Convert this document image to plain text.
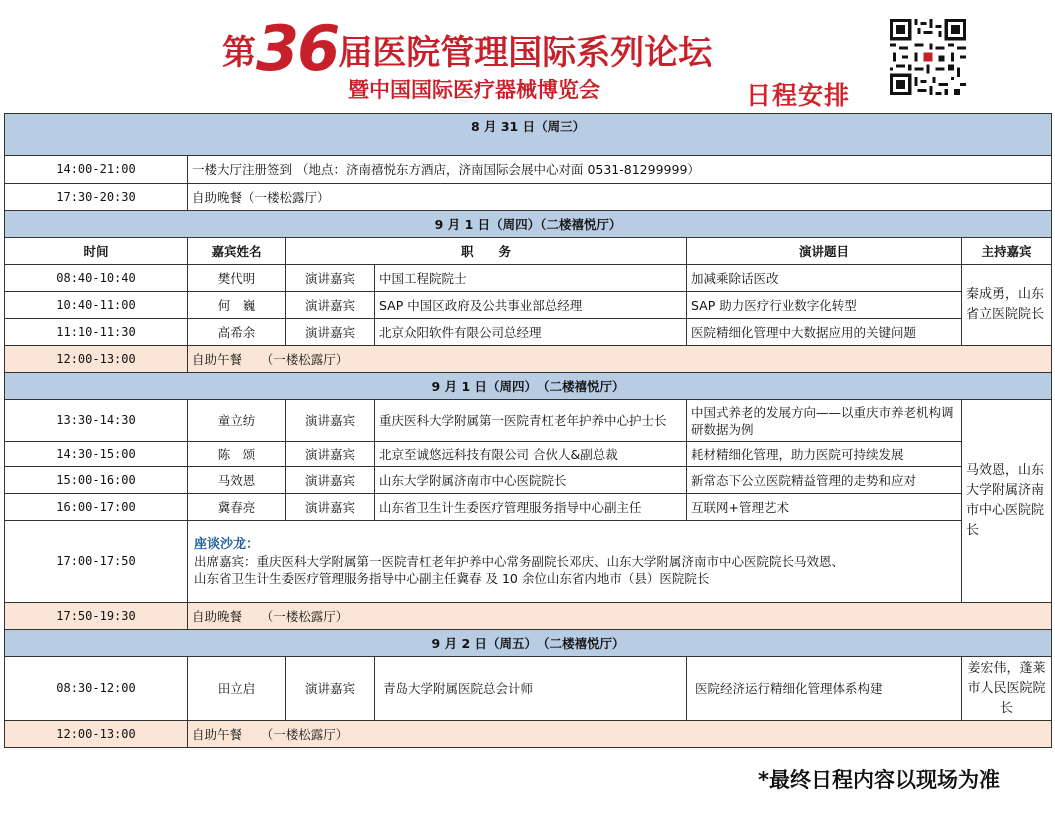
第36届医院管理国际系列论坛
暨中国国际医疗器械博览会	日程安排
8 月 31 日（周三）					
14:00-21:00	一楼大厅注册签到 （地点：济南禧悦东方酒店，济南国际会展中心对面 0531-81299999）				
17:30-20:30	自助晚餐（一楼松露厅）				
9 月 1 日（周四）（二楼禧悦厅）					
时间	嘉宾姓名	职　　务		演讲题目	主持嘉宾
08:40-10:40	樊代明	演讲嘉宾	中国工程院院士	加减乘除话医改	秦成勇，山东省立医院院长
10:40-11:00	何　巍	演讲嘉宾	SAP 中国区政府及公共事业部总经理	SAP 助力医疗行业数字化转型	
11:10-11:30	高希余	演讲嘉宾	北京众阳软件有限公司总经理	医院精细化管理中大数据应用的关键问题	
12:00-13:00	自助午餐　　（一楼松露厅）				
9 月 1 日（周四）　（二楼禧悦厅）					
13:30-14:30	童立纺	演讲嘉宾	重庆医科大学附属第一医院青杠老年护养中心护士长	中国式养老的发展方向——以重庆市养老机构调研数据为例	马效恩，山东大学附属济南市中心医院院长
14:30-15:00	陈　颂	演讲嘉宾	北京至诚悠远科技有限公司 合伙人&副总裁	耗材精细化管理，助力医院可持续发展	
15:00-16:00	马效恩	演讲嘉宾	山东大学附属济南市中心医院院长	新常态下公立医院精益管理的走势和应对	
16:00-17:00	冀春亮	演讲嘉宾	山东省卫生计生委医疗管理服务指导中心副主任	互联网+管理艺术	
17:00-17:50	座谈沙龙：
出席嘉宾：重庆医科大学附属第一医院青杠老年护养中心常务副院长邓庆、山东大学附属济南市中心医院院长马效恩、
山东省卫生计生委医疗管理服务指导中心副主任冀春 及 10 余位山东省内地市（县）医院院长				

17:50-19:30	自助晚餐　　（一楼松露厅）				
9 月 2 日（周五）　（二楼禧悦厅）					
08:30-12:00	田立启	演讲嘉宾	青岛大学附属医院总会计师	医院经济运行精细化管理体系构建	姜宏伟，蓬莱市人民医院院长
12:00-13:00	自助午餐　　（一楼松露厅）				
*最终日程内容以现场为准
